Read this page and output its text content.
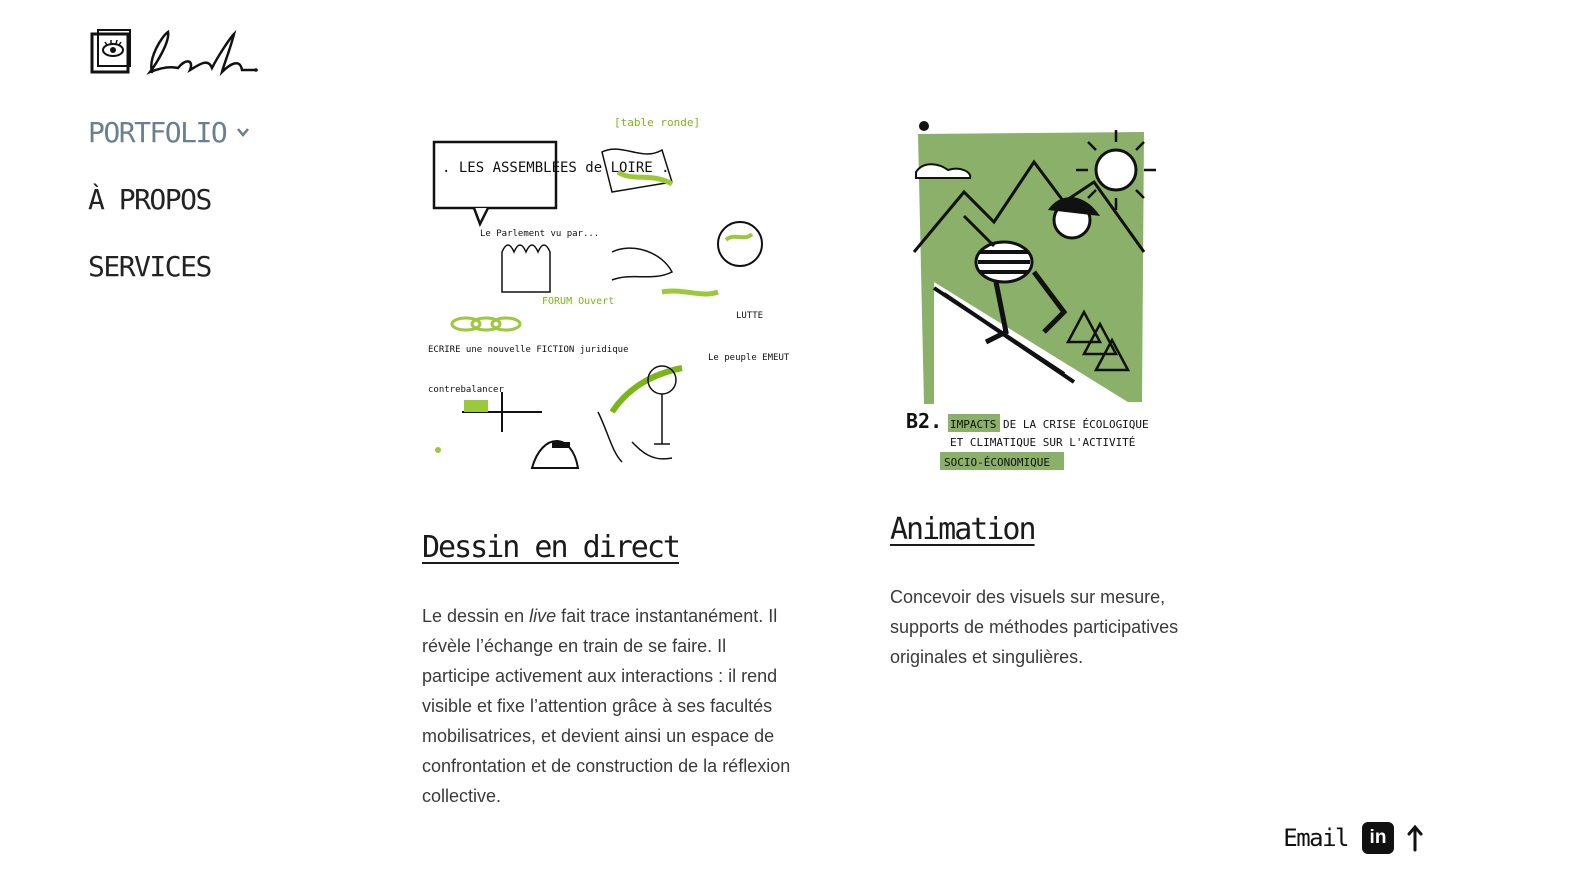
PORTFOLIO
À PROPOS
SERVICES
. LES ASSEMBLEES de LOIRE .
[table ronde]
Le Parlement vu par...
FORUM Ouvert
ECRIRE une nouvelle FICTION juridique
contrebalancer
LUTTE
Le peuple EMEUT
Dessin en direct

Le dessin en live fait trace instantanément. Il révèle l’échange en train de se faire. Il participe activement aux interactions : il rend visible et fixe l’attention grâce à ses facultés mobilisatrices, et devient ainsi un espace de confrontation et de construction de la réflexion collective.

B2. IMPACTS DE LA CRISE ÉCOLOGIQUE
ET CLIMATIQUE SUR L'ACTIVITÉ
SOCIO-ÉCONOMIQUE
Animation

Concevoir des visuels sur mesure, supports de méthodes participatives originales et singulières.

Email	in
